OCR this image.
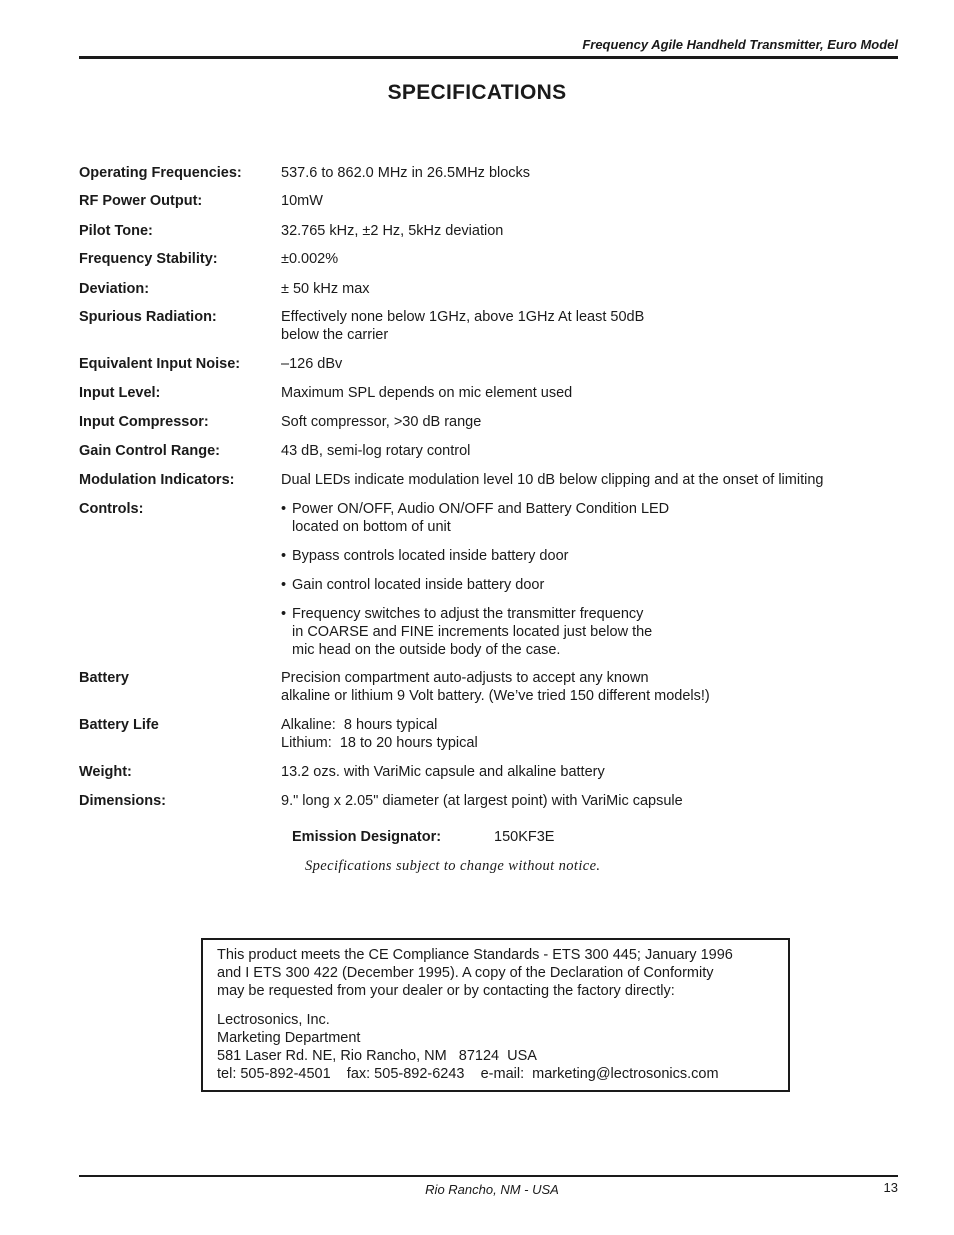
Frequency Agile Handheld Transmitter, Euro Model
SPECIFICATIONS
Operating Frequencies:	537.6 to 862.0 MHz in 26.5MHz blocks
RF Power Output:	10mW
Pilot Tone:	32.765 kHz, ±2 Hz, 5kHz deviation
Frequency Stability:	±0.002%
Deviation:	± 50 kHz max
Spurious Radiation:	Effectively none below 1GHz, above 1GHz At least 50dB
below the carrier
Equivalent Input Noise:	–126 dBv
Input Level:	Maximum SPL depends on mic element used
Input Compressor:	Soft compressor, >30 dB range
Gain Control Range:	43 dB, semi-log rotary control
Modulation Indicators:	Dual LEDs indicate modulation level 10 dB below clipping and at the onset of limiting
Controls:	• Power ON/OFF, Audio ON/OFF and Battery Condition LED
located on bottom of unit
• Bypass controls located inside battery door
• Gain control located inside battery door
• Frequency switches to adjust the transmitter frequency
in COARSE and FINE increments located just below the
mic head on the outside body of the case.
Battery	Precision compartment auto-adjusts to accept any known
alkaline or lithium 9 Volt battery. (We’ve tried 150 different models!)
Battery Life	Alkaline:  8 hours typical
Lithium:  18 to 20 hours typical
Weight:	13.2 ozs. with VariMic capsule and alkaline battery
Dimensions:	9." long x 2.05" diameter (at largest point) with VariMic capsule
Emission Designator:	150KF3E
Specifications subject to change without notice.

This product meets the CE Compliance Standards - ETS 300 445; January 1996

and I ETS 300 422 (December 1995). A copy of the Declaration of Conformity

may be requested from your dealer or by contacting the factory directly:

Lectrosonics, Inc.

Marketing Department

581 Laser Rd. NE, Rio Rancho, NM   87124  USA

tel: 505-892-4501    fax: 505-892-6243    e-mail:  marketing@lectrosonics.com

Rio Rancho, NM - USA	13
